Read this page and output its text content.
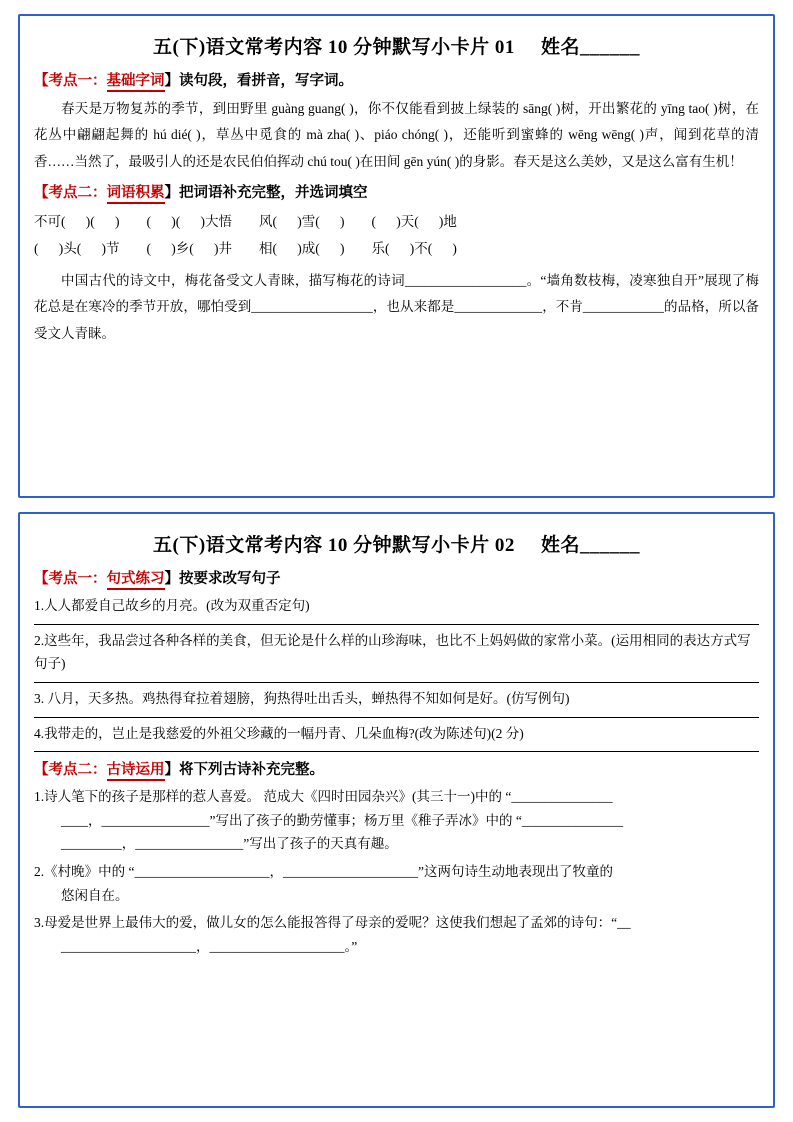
五(下)语文常考内容 10 分钟默写小卡片 01 姓名______
【考点一：基础字词】读句段，看拼音，写字词。
春天是万物复苏的季节，到田野里 guàng guang( )，你不仅能看到披上绿装的 sāng( )树，开出繁花的 yīng tao( )树，在花丛中翩翩起舞的 hú dié( )，草丛中觅食的 mà zha( )、piáo chóng( )，还能听到蜜蜂的 wēng wēng( )声，闻到花草的清香……当然了，最吸引人的还是农民伯伯挥动 chú tou( )在田间 gēn yún( )的身影。春天是这么美妙，又是这么富有生机！
【考点二：词语积累】把词语补充完整，并选词填空
不可(      )(      )        (      )(      )大悟        风(      )雪(      )        (      )天(      )地
(      )头(      )节        (      )乡(      )井        相(      )成(      )        乐(      )不(      )
中国古代的诗文中，梅花备受文人青睐，描写梅花的诗词__________________。“墙角数枝梅，凌寒独自开”展现了梅花总是在寒冷的季节开放，哪怕受到__________________，也从来都是_____________，不肯____________的品格，所以备受文人青睐。
五(下)语文常考内容 10 分钟默写小卡片 02 姓名______
【考点一：句式练习】按要求改写句子
1.人人都爱自己故乡的月亮。(改为双重否定句)
2.这些年，我品尝过各种各样的美食，但无论是什么样的山珍海味，也比不上妈妈做的家常小菜。(运用相同的表达方式写句子)
3. 八月，天多热。鸡热得耷拉着翅膀，狗热得吐出舌头，蝉热得不知如何是好。(仿写例句)
4.我带走的，岂止是我慈爱的外祖父珍藏的一幅丹青、几朵血梅?(改为陈述句)(2 分)
【考点二：古诗运用】将下列古诗补充完整。
1.诗人笔下的孩子是那样的惹人喜爱。 范成大《四时田园杂兴》(其三十一)中的 “_______________
____，________________”写出了孩子的勤劳懂事；杨万里《稚子弄冰》中的 “_______________
_________，________________”写出了孩子的天真有趣。
2.《村晚》中的 “____________________，____________________”这两句诗生动地表现出了牧童的
悠闲自在。
3.母爱是世界上最伟大的爱，做儿女的怎么能报答得了母亲的爱呢？这使我们想起了孟郊的诗句：“__
____________________，____________________。”
